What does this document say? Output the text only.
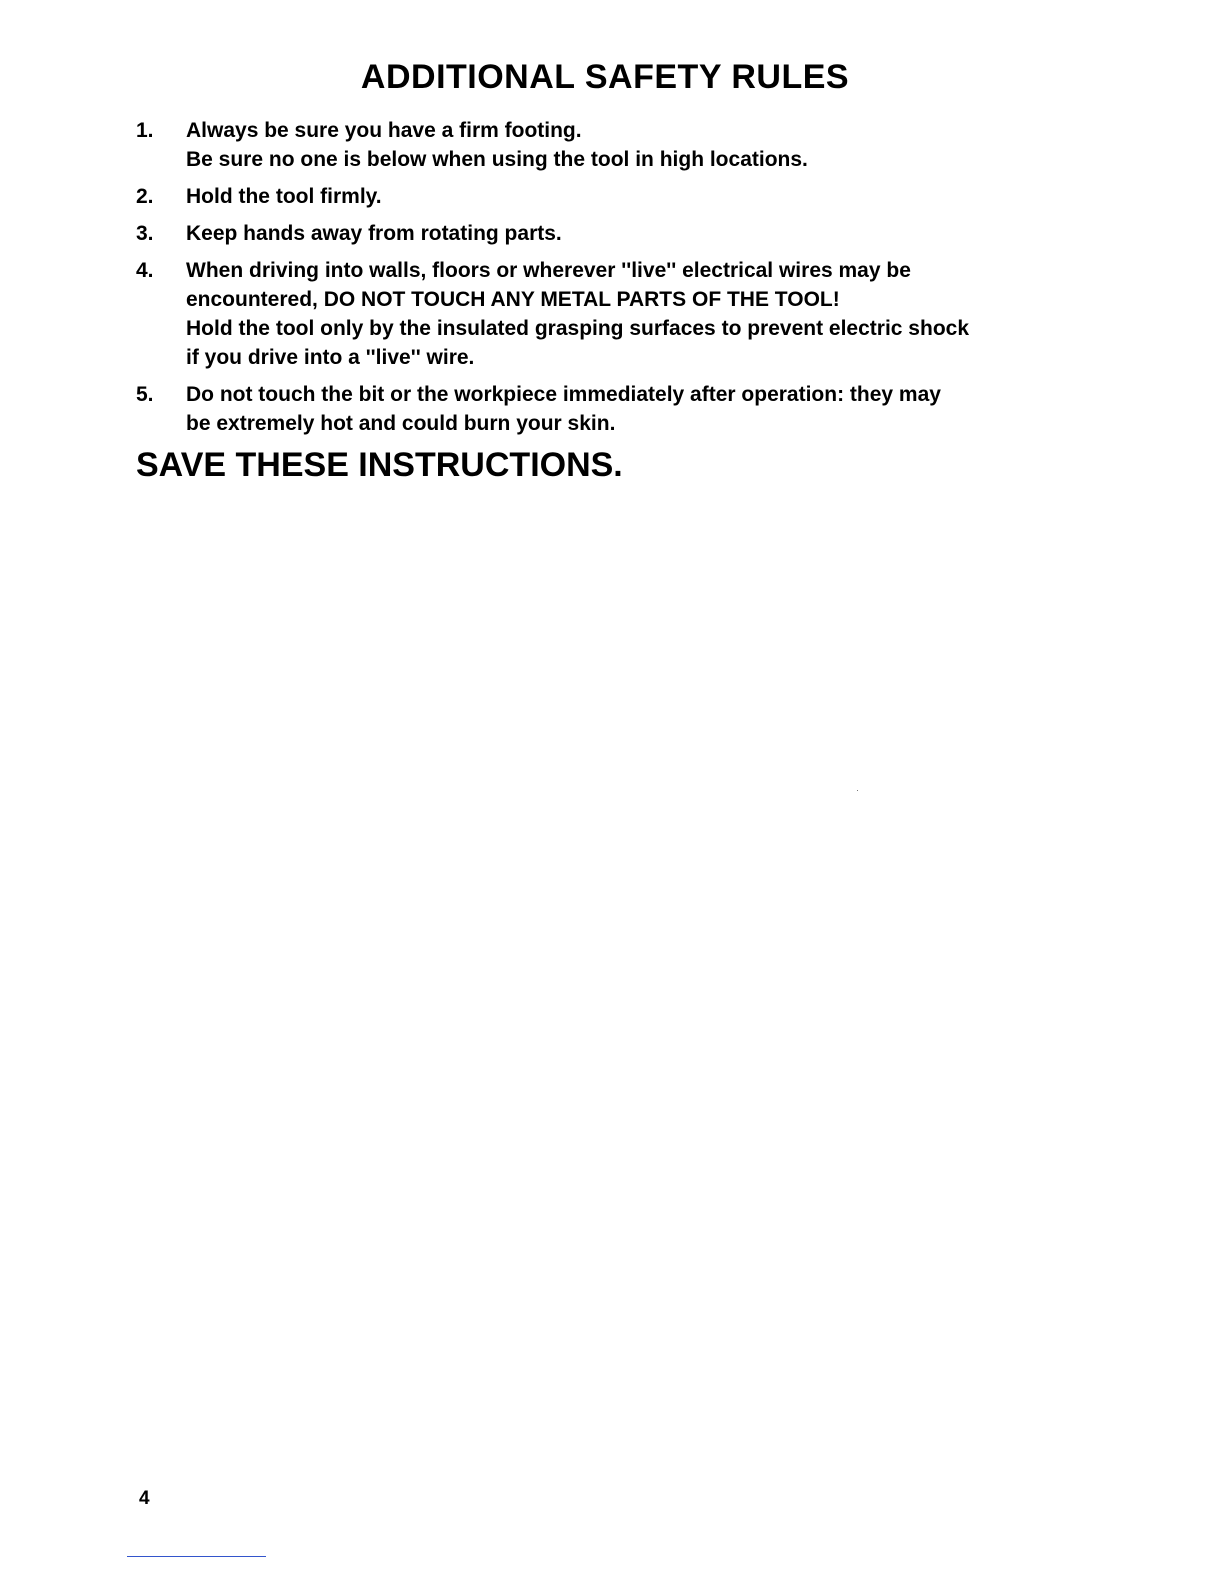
ADDITIONAL SAFETY RULES
1.	Always be sure you have a firm footing.
Be sure no one is below when using the tool in high locations.
2.	Hold the tool firmly.
3.	Keep hands away from rotating parts.
4.	When driving into walls, floors or wherever ''live'' electrical wires may be
encountered, DO NOT TOUCH ANY METAL PARTS OF THE TOOL!
Hold the tool only by the insulated grasping surfaces to prevent electric shock
if you drive into a ''live'' wire.
5.	Do not touch the bit or the workpiece immediately after operation: they may
be extremely hot and could burn your skin.
SAVE THESE INSTRUCTIONS.
4
